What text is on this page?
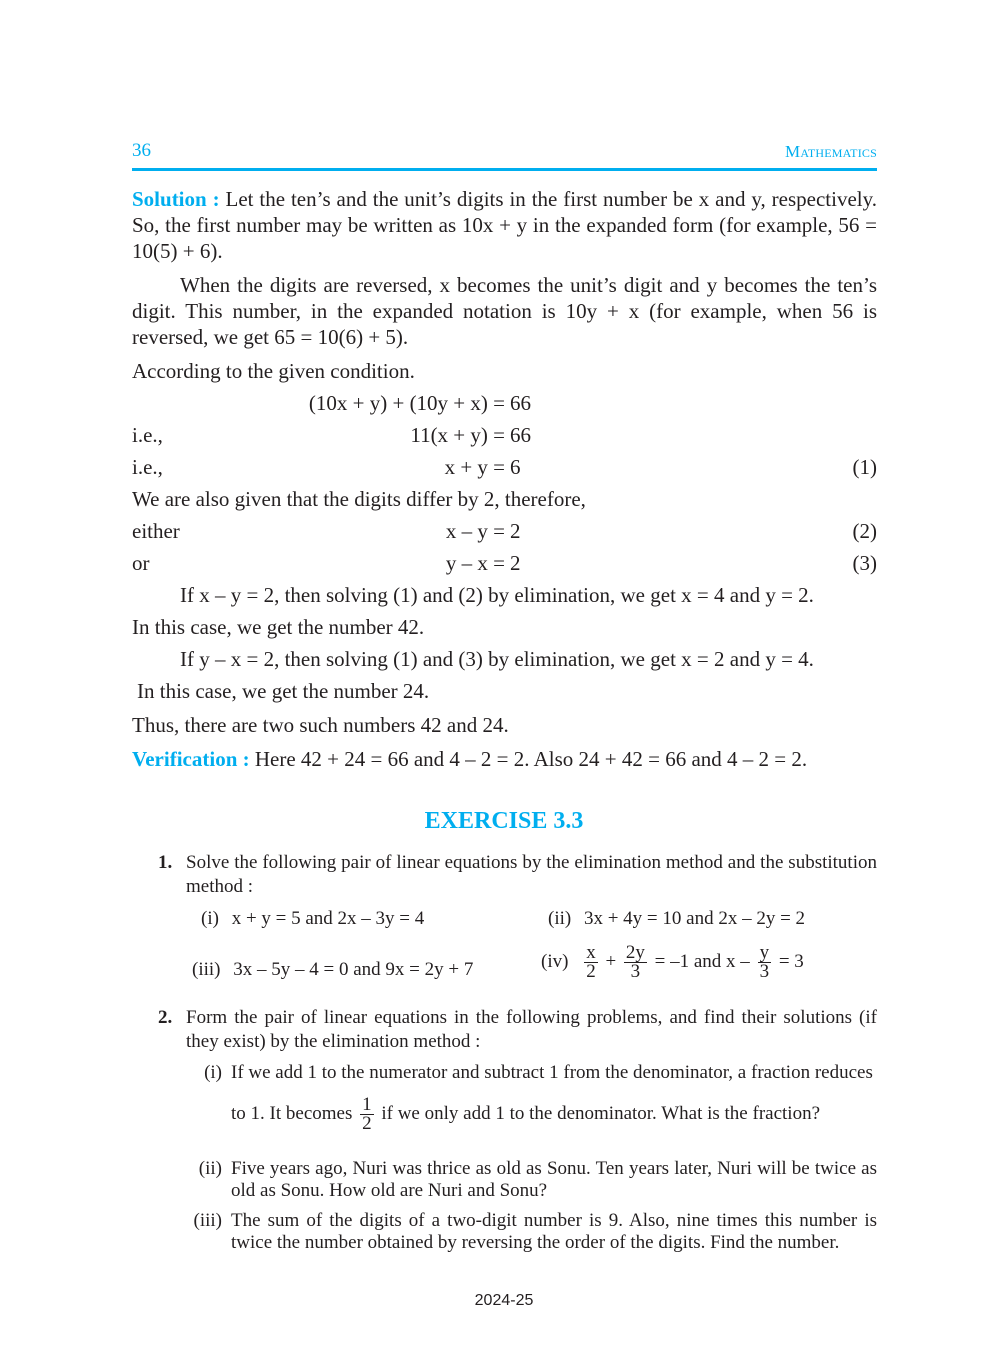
36	Mathematics

Solution : Let the ten’s and the unit’s digits in the first number be x and y, respectively. So, the first number may be written as 10x + y in the expanded form (for example, 56 = 10(5) + 6).

When the digits are reversed, x becomes the unit’s digit and y becomes the ten’s digit. This number, in the expanded notation is 10y + x (for example, when 56 is reversed, we get 65 = 10(6) + 5).

According to the given condition.

(10x + y) + (10y + x) = 66
i.e.,	11(x + y) = 66
i.e.,	x + y = 6	(1)

We are also given that the digits differ by 2, therefore,

either	x – y = 2	(2)
or	y – x = 2	(3)

If x – y = 2, then solving (1) and (2) by elimination, we get x = 4 and y = 2.

In this case, we get the number 42.

If y – x = 2, then solving (1) and (3) by elimination, we get x = 2 and y = 4.

In this case, we get the number 24.

Thus, there are two such numbers 42 and 24.

Verification : Here 42 + 24 = 66 and 4 – 2 = 2. Also 24 + 42 = 66 and 4 – 2 = 2.

EXERCISE 3.3
1. Solve the following pair of linear equations by the elimination method and the substitution method :
(i) x + y = 5 and 2x – 3y = 4	(ii) 3x + 4y = 10 and 2x – 2y = 2
(iii) 3x – 5y – 4 = 0 and 9x = 2y + 7	$(iv) \frac{x}{2} + \frac{2y}{3} = -1$ and $x - \frac{y}{3} = 3$
2. Form the pair of linear equations in the following problems, and find their solutions (if they exist) by the elimination method :
(i) If we add 1 to the numerator and subtract 1 from the denominator, a fraction reduces
to 1. It becomes $\frac{1}{2}$ if we only add 1 to the denominator. What is the fraction?
(ii) Five years ago, Nuri was thrice as old as Sonu. Ten years later, Nuri will be twice as old as Sonu. How old are Nuri and Sonu?
(iii) The sum of the digits of a two-digit number is 9. Also, nine times this number is twice the number obtained by reversing the order of the digits. Find the number.
2024-25
